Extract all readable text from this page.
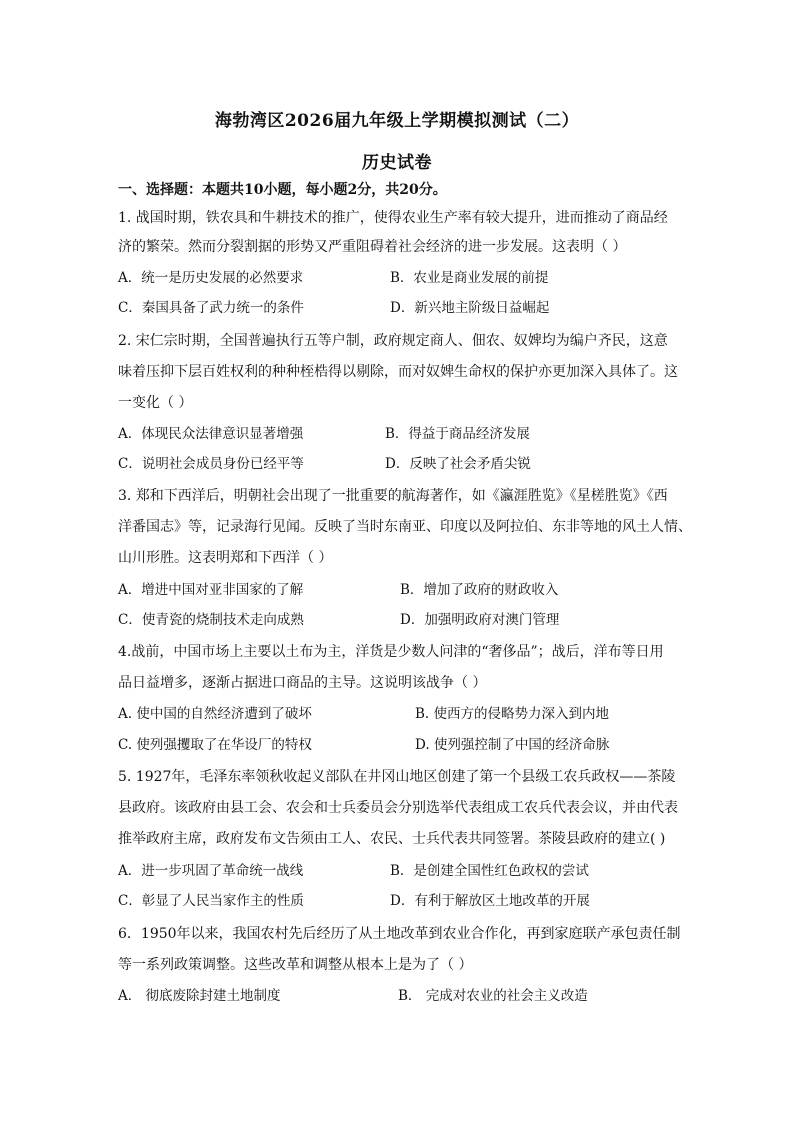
海勃湾区2026届九年级上学期模拟测试（二）
历史试卷
一、选择题：本题共10小题，每小题2分，共20分。
1. 战国时期，铁农具和牛耕技术的推广，使得农业生产率有较大提升，进而推动了商品经
济的繁荣。然而分裂割据的形势又严重阻碍着社会经济的进一步发展。这表明（ ）
A．统一是历史发展的必然要求	B．农业是商业发展的前提
C．秦国具备了武力统一的条件	D．新兴地主阶级日益崛起
2. 宋仁宗时期，全国普遍执行五等户制，政府规定商人、佃农、奴婢均为编户齐民，这意
味着压抑下层百姓权利的种种桎梏得以剔除，而对奴婢生命权的保护亦更加深入具体了。这
一变化（ ）
A．体现民众法律意识显著增强	B．得益于商品经济发展
C．说明社会成员身份已经平等	D．反映了社会矛盾尖锐
3. 郑和下西洋后，明朝社会出现了一批重要的航海著作，如《瀛涯胜览》《星槎胜览》《西
洋番国志》等，记录海行见闻。反映了当时东南亚、印度以及阿拉伯、东非等地的风土人情、
山川形胜。这表明郑和下西洋（ ）
A．增进中国对亚非国家的了解	B．增加了政府的财政收入
C．使青瓷的烧制技术走向成熟	D．加强明政府对澳门管理
4.战前，中国市场上主要以土布为主，洋货是少数人问津的“奢侈品”；战后，洋布等日用
品日益增多，逐渐占据进口商品的主导。这说明该战争（ ）
A. 使中国的自然经济遭到了破坏	B. 使西方的侵略势力深入到内地
C. 使列强攫取了在华设厂的特权	D. 使列强控制了中国的经济命脉
5. 1927年，毛泽东率领秋收起义部队在井冈山地区创建了第一个县级工农兵政权——茶陵
县政府。该政府由县工会、农会和士兵委员会分别选举代表组成工农兵代表会议，并由代表
推举政府主席，政府发布文告须由工人、农民、士兵代表共同签署。茶陵县政府的建立( )
A．进一步巩固了革命统一战线	B．是创建全国性红色政权的尝试
C．彰显了人民当家作主的性质	D．有利于解放区土地改革的开展
6．1950年以来，我国农村先后经历了从土地改革到农业合作化，再到家庭联产承包责任制
等一系列政策调整。这些改革和调整从根本上是为了（ ）
A． 彻底废除封建土地制度	B． 完成对农业的社会主义改造
